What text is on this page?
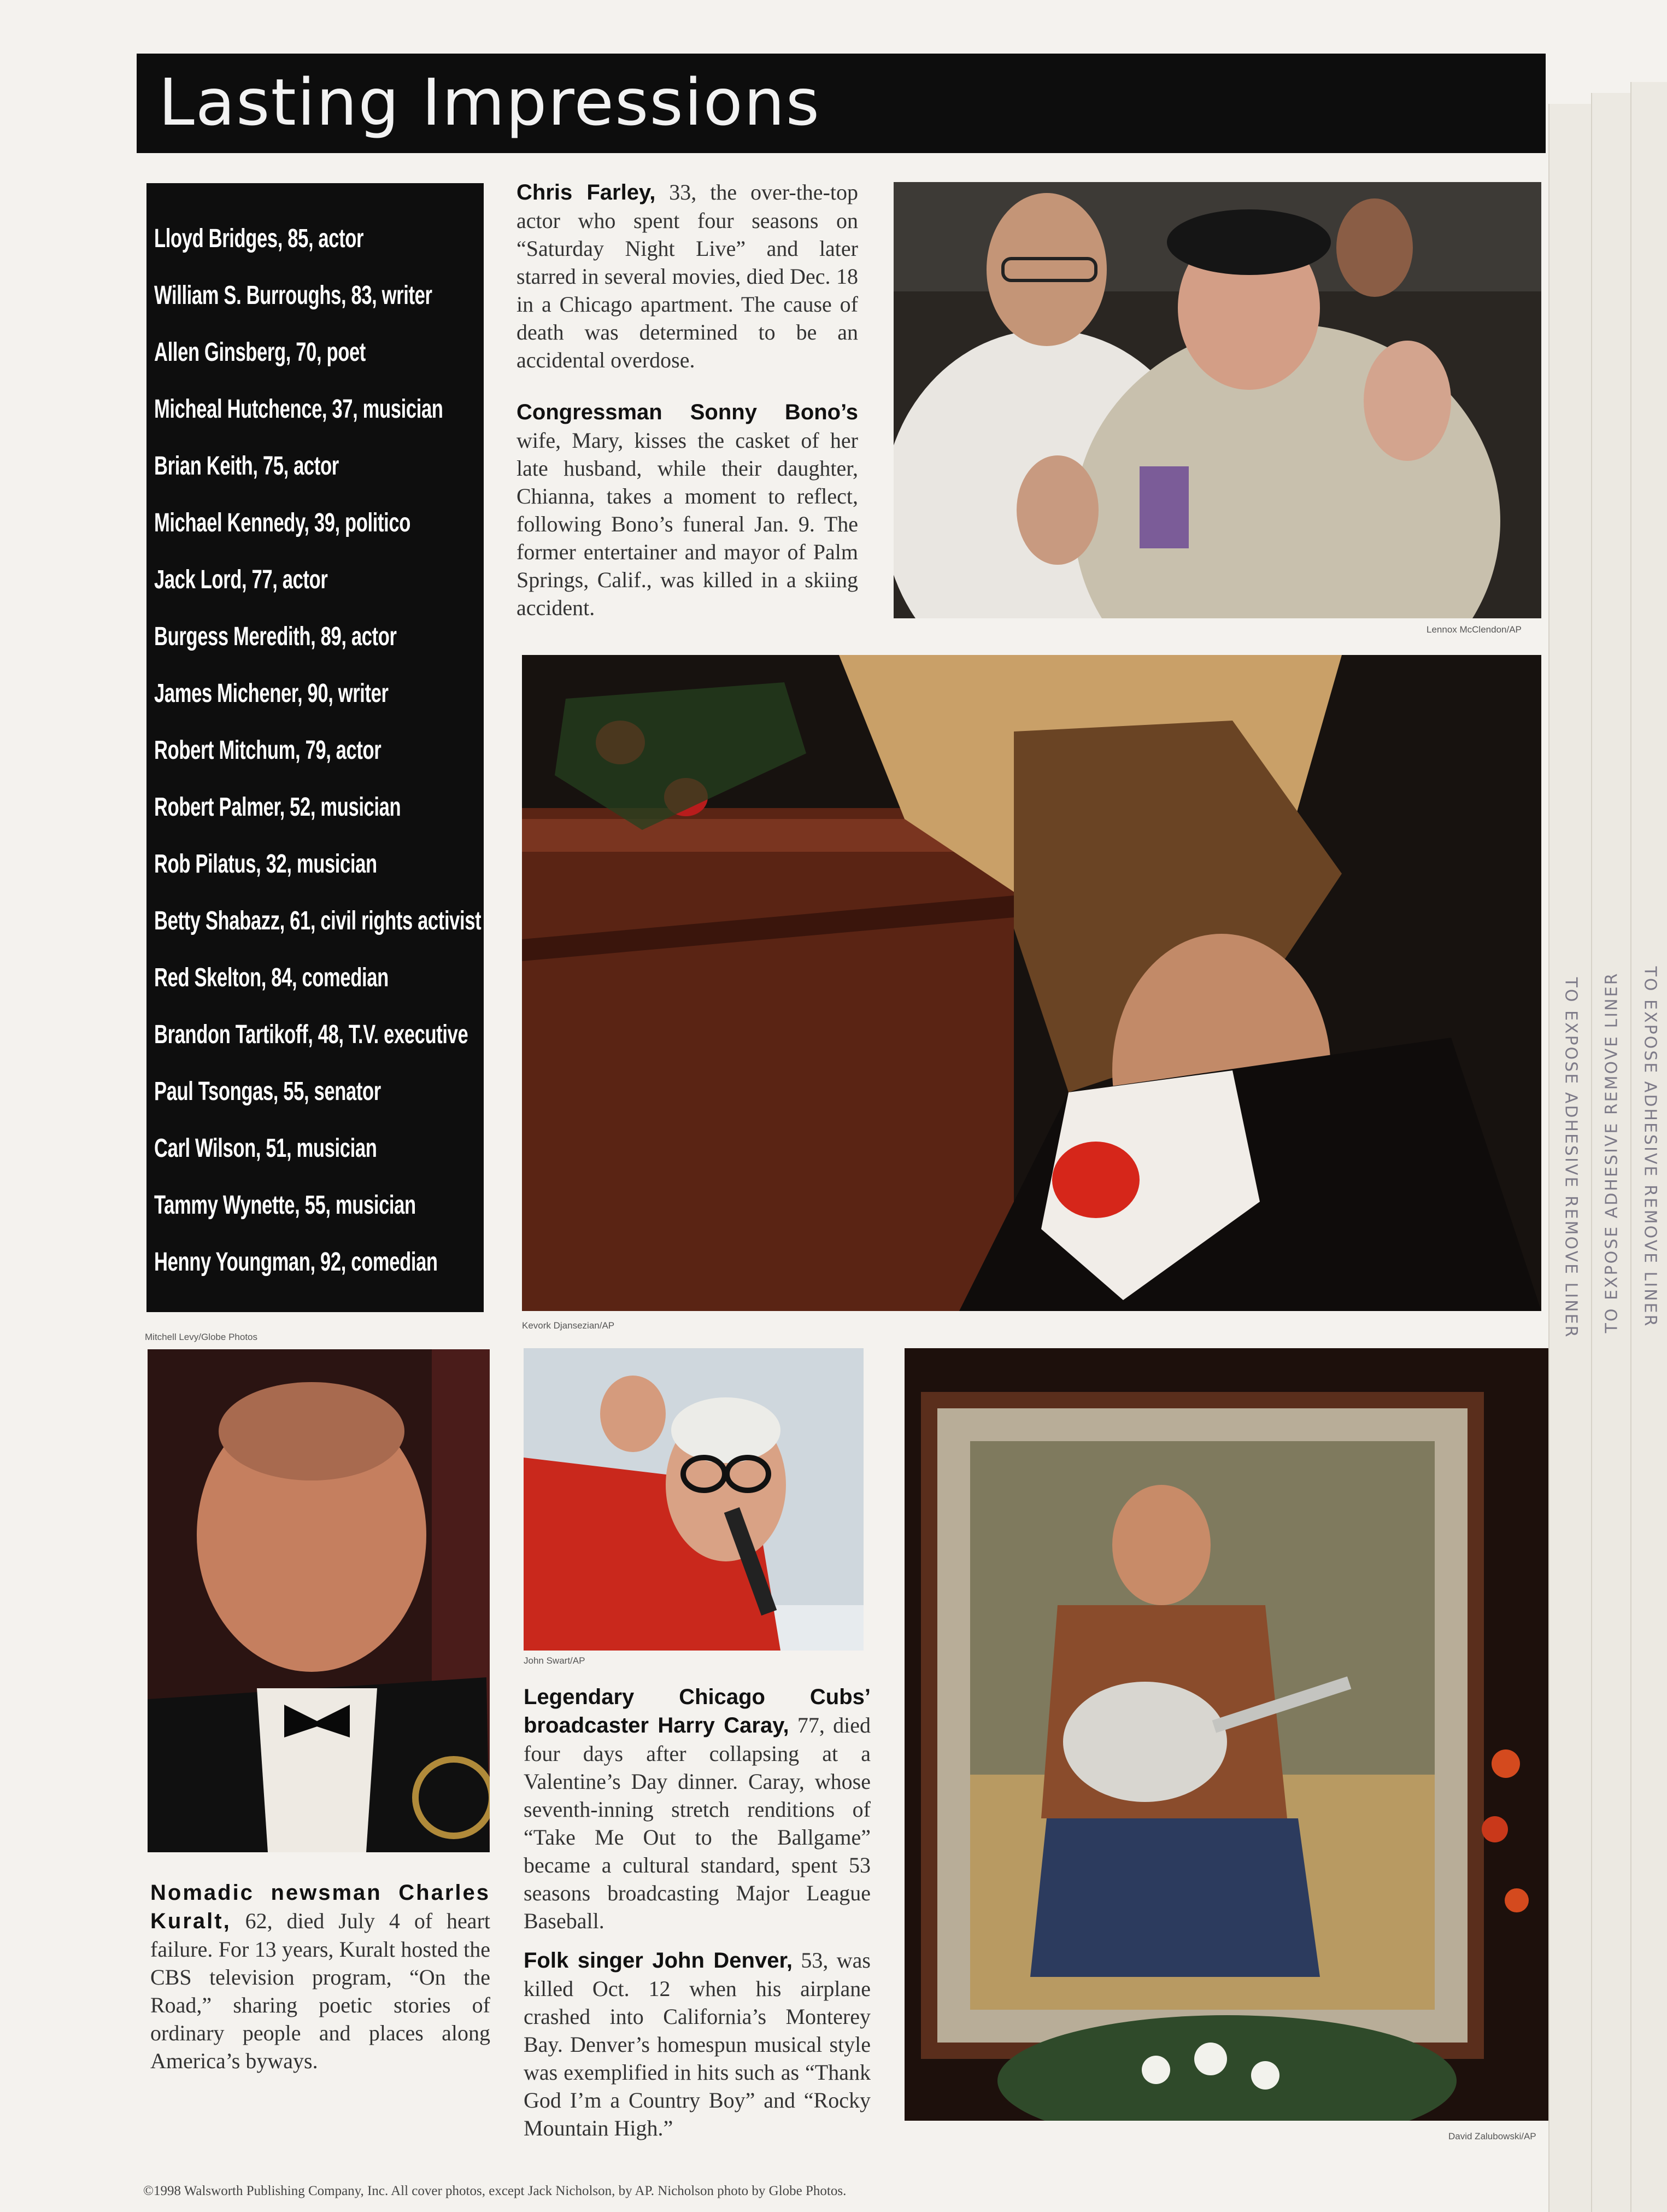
Lasting Impressions
Lloyd Bridges, 85, actor
William S. Burroughs, 83, writer
Allen Ginsberg, 70, poet
Micheal Hutchence, 37, musician
Brian Keith, 75, actor
Michael Kennedy, 39, politico
Jack Lord, 77, actor
Burgess Meredith, 89, actor
James Michener, 90, writer
Robert Mitchum, 79, actor
Robert Palmer, 52, musician
Rob Pilatus, 32, musician
Betty Shabazz, 61, civil rights activist
Red Skelton, 84, comedian
Brandon Tartikoff, 48, T.V. executive
Paul Tsongas, 55, senator
Carl Wilson, 51, musician
Tammy Wynette, 55, musician
Henny Youngman, 92, comedian
Chris Farley, 33, the over-the-top actor who spent four seasons on “Saturday Night Live” and later starred in several movies, died Dec. 18 in a Chicago apartment. The cause of death was determined to be an accidental overdose.
Congressman Sonny Bono’s wife, Mary, kisses the casket of her late husband, while their daughter, Chianna, takes a moment to reflect, following Bono’s funeral Jan. 9. The former entertainer and mayor of Palm Springs, Calif., was killed in a skiing accident.
Lennox McClendon/AP
Kevork Djansezian/AP
Mitchell Levy/Globe Photos
Nomadic newsman Charles Kuralt, 62, died July 4 of heart failure. For 13 years, Kuralt hosted the CBS television program, “On the Road,” sharing poetic stories of ordinary people and places along America’s byways.
John Swart/AP
Legendary Chicago Cubs’ broadcaster Harry Caray, 77, died four days after collapsing at a Valentine’s Day dinner. Caray, whose seventh-inning stretch renditions of “Take Me Out to the Ballgame” became a cultural standard, spent 53 seasons broadcasting Major League Baseball.
Folk singer John Denver, 53, was killed Oct. 12 when his airplane crashed into California’s Monterey Bay. Denver’s homespun musical style was exemplified in hits such as “Thank God I’m a Country Boy” and “Rocky Mountain High.”	David Zalubowski/AP
TO EXPOSE ADHESIVE REMOVE LINER TO EXPOSE ADHESIVE REMOVE LINER TO EXPOSE ADHESIVE REMOVE LINER
©1998 Walsworth Publishing Company, Inc. All cover photos, except Jack Nicholson, by AP. Nicholson photo by Globe Photos.
